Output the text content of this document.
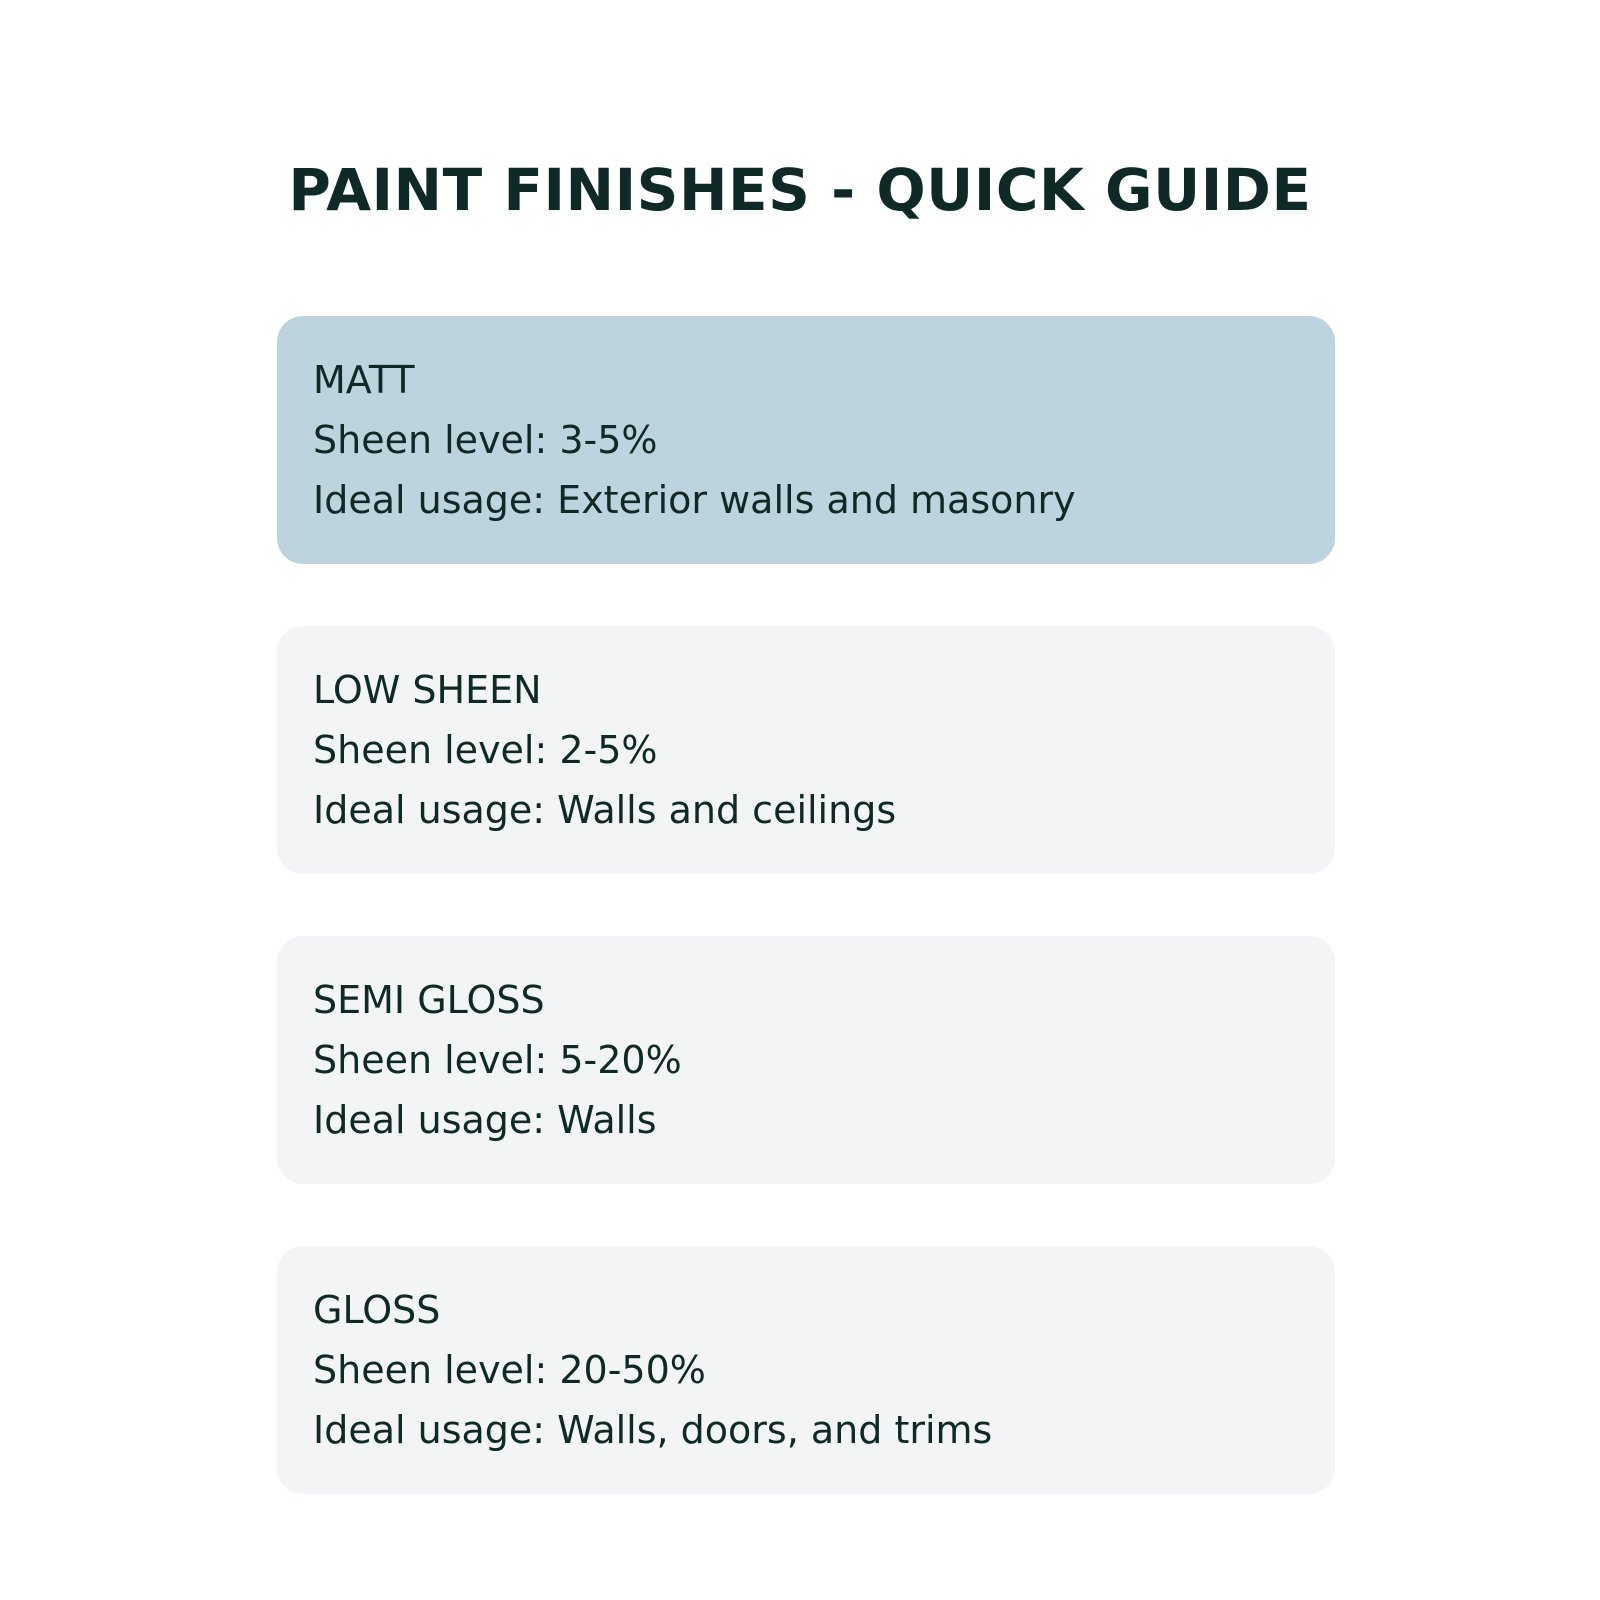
PAINT FINISHES - QUICK GUIDE
MATT
Sheen level: 3-5%
Ideal usage: Exterior walls and masonry
LOW SHEEN
Sheen level: 2-5%
Ideal usage: Walls and ceilings
SEMI GLOSS
Sheen level: 5-20%
Ideal usage: Walls
GLOSS
Sheen level: 20-50%
Ideal usage: Walls, doors, and trims
